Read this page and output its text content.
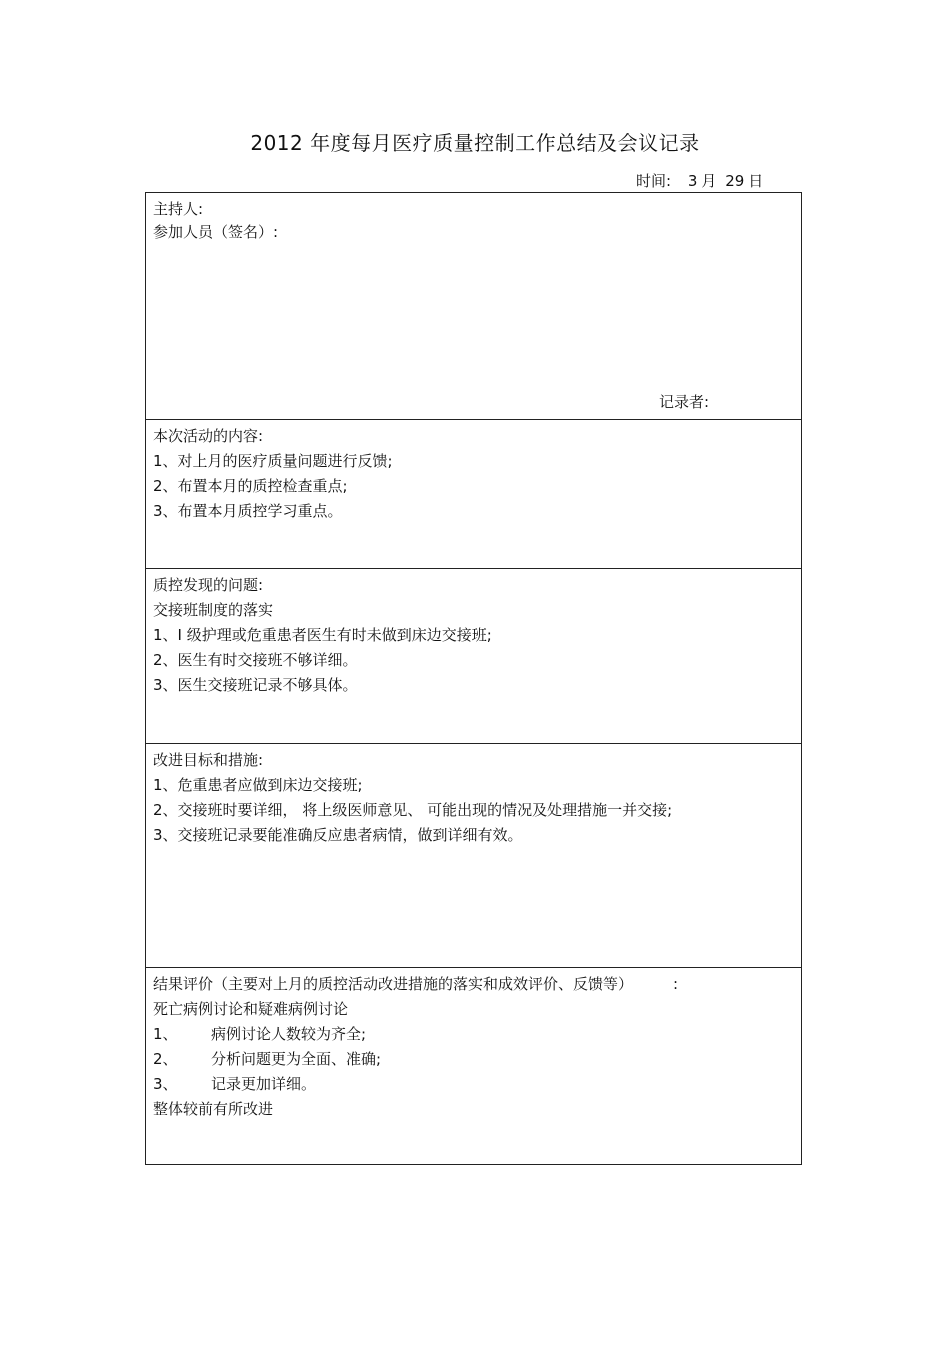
2012 年度每月医疗质量控制工作总结及会议记录
时间: 3 月 29 日
主持人:
参加人员（签名）:
记录者:
本次活动的内容:
1、对上月的医疗质量问题进行反馈;
2、布置本月的质控检查重点;
3、布置本月质控学习重点。
质控发现的问题:
交接班制度的落实
1、Ⅰ 级护理或危重患者医生有时未做到床边交接班;
2、医生有时交接班不够详细。
3、医生交接班记录不够具体。
改进目标和措施:
1、危重患者应做到床边交接班;
2、交接班时要详细， 将上级医师意见、 可能出现的情况及处理措施一并交接;
3、交接班记录要能准确反应患者病情，做到详细有效。
结果评价（主要对上月的质控活动改进措施的落实和成效评价、反馈等）	:
死亡病例讨论和疑难病例讨论
1、 病例讨论人数较为齐全;
2、 分析问题更为全面、准确;
3、 记录更加详细。
整体较前有所改进
